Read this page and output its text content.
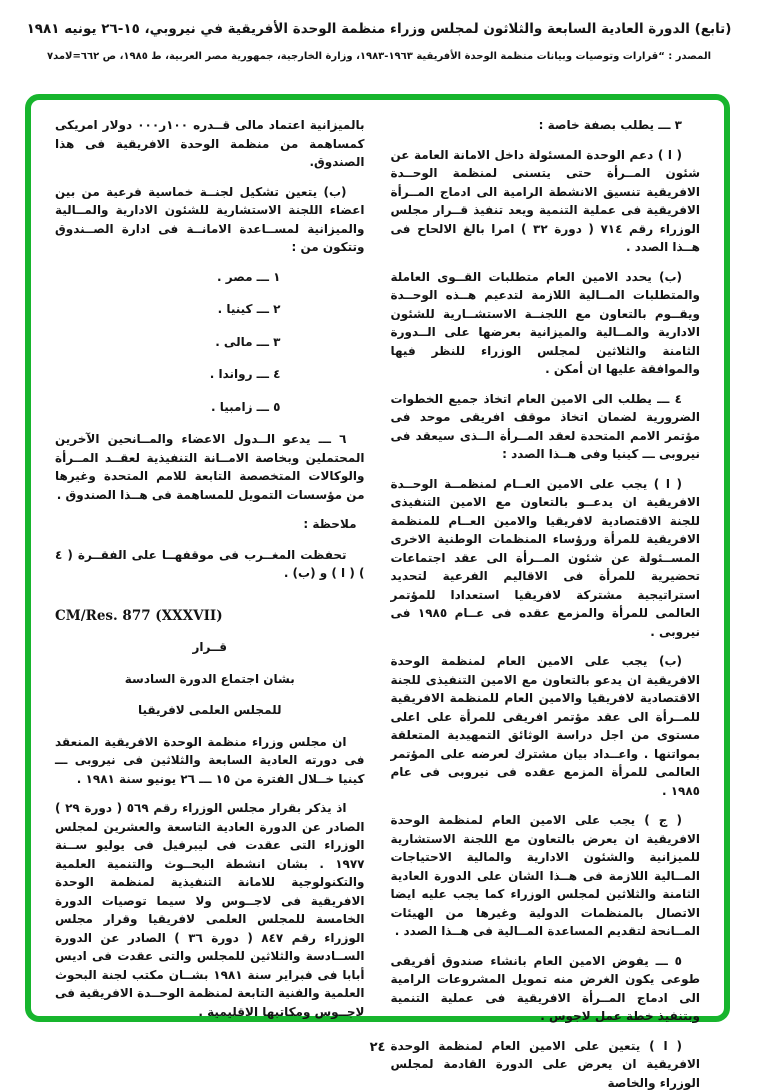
(تابع) الدورة العادية السابعة والثلاثون لمجلس وزراء منظمة الوحدة الأفريقية في نيروبي، ١٥-٢٦ يونيه ١٩٨١
المصدر : “قرارات وتوصيات وبيانات منظمة الوحدة الأفريقية ١٩٦٣-١٩٨٣، وزارة الخارجية، جمهورية مصر العربية، ط ١٩٨٥، ص ٦٦٢=لامد٧

٣ ـــ يطلب بصفة خاصة :

( ا ) دعم الوحدة المسئولة داخل الامانة العامة عن شئون المــرأة حتى يتسنى لمنظمة الوحــدة الافريقية تنسيق الانشطة الرامية الى ادماج المــرأة الافريقية فى عملية التنمية ويعد تنفيذ قــرار مجلس الوزراء رقم ٧١٤ ( دورة ٣٢ ) امرا بالغ الالحاح فى هــذا الصدد .

(ب) يحدد الامين العام متطلبات القــوى العاملة والمتطلبات المــالية اللازمة لتدعيم هــذه الوحــدة ويقــوم بالتعاون مع اللجنــة الاستشــارية للشئون الادارية والمــالية والميزانية بعرضها على الــدورة الثامنة والثلاثين لمجلس الوزراء للنظر فيها والموافقة عليها ان أمكن .

٤ ـــ يطلب الى الامين العام اتخاذ جميع الخطوات الضرورية لضمان اتخاذ موقف افريقى موحد فى مؤتمر الامم المتحدة لعقد المــرأة الــذى سيعقد فى نيروبى ـــ كينيا وفى هــذا الصدد :

( ا ) يجب على الامين العــام لمنظمــة الوحــدة الافريقية ان يدعــو بالتعاون مع الامين التنفيذى للجنة الاقتصادية لافريقيا والامين العــام للمنظمة الافريقية للمرأة ورؤساء المنظمات الوطنية الاخرى المســئولة عن شئون المــرأة الى عقد اجتماعات تحضيرية للمرأة فى الاقاليم الفرعية لتحديد استراتيجية مشتركة لافريقيا استعدادا للمؤتمر العالمى للمرأة والمزمع عقده فى عــام ١٩٨٥ فى نيروبى .

(ب) يجب على الامين العام لمنظمة الوحدة الافريقية ان يدعو بالتعاون مع الامين التنفيذى للجنة الاقتصادية لافريقيا والامين العام للمنظمة الافريقية للمــرأة الى عقد مؤتمر افريقى للمرأة على اعلى مستوى من اجل دراسة الوثائق التمهيدية المتعلقة بمواتنها . واعــداد بيان مشترك لعرضه على المؤتمر العالمى للمرأة المزمع عقده فى نيروبى فى عام ١٩٨٥ .

( ج ) يجب على الامين العام لمنظمة الوحدة الافريقية ان يعرض بالتعاون مع اللجنة الاستشارية للميزانية والشئون الادارية والمالية الاحتياجات المــالية اللازمة فى هــذا الشان على الدورة العادية الثامنة والثلاثين لمجلس الوزراء كما يجب عليه ايضا الاتصال بالمنظمات الدولية وغيرها من الهيئات المــانحة لتقديم المساعدة المــالية فى هــذا الصدد .

٥ ـــ يفوض الامين العام بانشاء صندوق أفريقى طوعى يكون الغرض منه تمويل المشروعات الرامية الى ادماج المــرأة الافريقية فى عملية التنمية وبتنفيذ خطة عمل لاجوس .

( ا ) يتعين على الامين العام لمنظمة الوحدة الافريقية ان يعرض على الدورة القادمة لمجلس الوزراء والخاصة

بالميزانية اعتماد مالى قــدره ١٠٠ر٠٠٠ دولار امريكى كمساهمة من منظمة الوحدة الافريقية فى هذا الصندوق.

(ب) يتعين تشكيل لجنــة خماسية فرعية من بين اعضاء اللجنة الاستشارية للشئون الادارية والمــالية والميزانية لمســاعدة الامانــة فى ادارة الصــندوق وتتكون من :

١ ـــ مصر .
٢ ـــ كينيا .
٣ ـــ مالى .
٤ ـــ رواندا .
٥ ـــ زامبيا .

٦ ـــ يدعو الــدول الاعضاء والمــانحين الآخرين المحتملين وبخاصة الامــانة التنفيذية لعقــد المــرأة والوكالات المتخصصة التابعة للامم المتحدة وغيرها من مؤسسات التمويل للمساهمة فى هــذا الصندوق .

ملاحظة :

تحفظت المغــرب فى موقفهــا على الفقــرة ( ٤ ) ( ا ) و (ب) .

CM/Res. 877 (XXXVII)

قــرار

بشان اجتماع الدورة السادسة

للمجلس العلمى لافريقيا

ان مجلس وزراء منظمة الوحدة الافريقية المنعقد فى دورته العادية السابعة والثلاثين فى نيروبى ـــ كينيا خــلال الفترة من ١٥ ـــ ٢٦ يونيو سنة ١٩٨١ .

اذ يذكر بقرار مجلس الوزراء رقم ٥٦٩ ( دورة ٢٩ ) الصادر عن الدورة العادية التاسعة والعشرين لمجلس الوزراء التى عقدت فى ليبرفيل فى يوليو ســنة ١٩٧٧ . بشان انشطة البحــوث والتنمية العلمية والتكنولوجية للامانة التنفيذية لمنظمة الوحدة الافريقية فى لاجــوس ولا سيما توصيات الدورة الخامسة للمجلس العلمى لافريقيا وقرار مجلس الوزراء رقم ٨٤٧ ( دورة ٣٦ ) الصادر عن الدورة الســادسة والثلاثين للمجلس والتى عقدت فى اديس أبابا فى فبراير سنة ١٩٨١ بشــان مكتب لجنة البحوث العلمية والفنية التابعة لمنظمة الوحــدة الافريقية فى لاجــوس ومكاتبها الاقليمية .

٢٤
